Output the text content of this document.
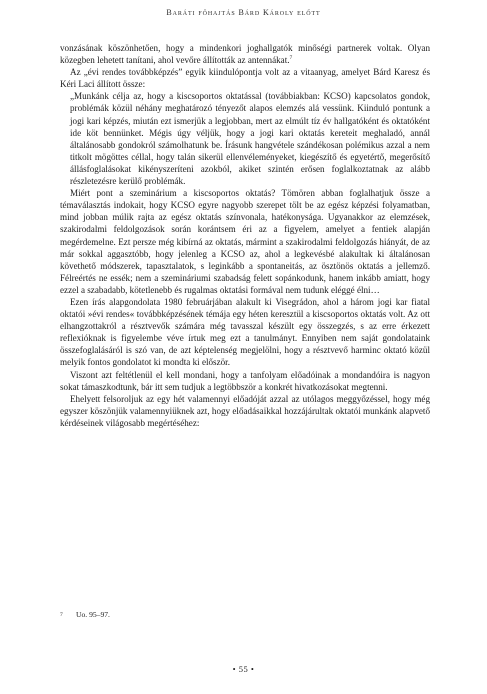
Baráti főhajtás Bárd Károly előtt

vonzásának köszönhetően, hogy a mindenkori joghallgatók minőségi partnerek voltak. Olyan közegben lehetett tanítani, ahol vevőre állították az antennákat.$^7$

Az „évi rendes továbbképzés” egyik kiindulópontja volt az a vitaanyag, amelyet Bárd Karesz és Kéri Laci állított össze:

„Munkánk célja az, hogy a kiscsoportos oktatással (továbbiakban: KCSO) kapcsolatos gondok, problémák közül néhány meghatározó tényezőt alapos elemzés alá vessünk. Kiinduló pontunk a jogi kari képzés, miután ezt ismerjük a legjobban, mert az elmúlt tíz év hallgatóként és oktatóként ide köt bennünket. Mégis úgy véljük, hogy a jogi kari oktatás kereteit meghaladó, annál általánosabb gondokról számolhatunk be. Írásunk hangvétele szándékosan polémikus azzal a nem titkolt mögöttes céllal, hogy talán sikerül ellenvéleményeket, kiegészítő és egyetértő, megerősítő állásfoglalásokat kikényszeríteni azokból, akiket szintén erősen foglalkoztatnak az alább részletezésre kerülő problémák.

Miért pont a szeminárium a kiscsoportos oktatás? Tömören abban foglalhatjuk össze a témaválasztás indokait, hogy KCSO egyre nagyobb szerepet tölt be az egész képzési folyamatban, mind jobban múlik rajta az egész oktatás színvonala, hatékonysága. Ugyanakkor az elemzések, szakirodalmi feldolgozások során korántsem éri az a figyelem, amelyet a fentiek alapján megérdemelne. Ezt persze még kibírná az oktatás, mármint a szakirodalmi feldolgozás hiányát, de az már sokkal aggasztóbb, hogy jelenleg a KCSO az, ahol a legkevésbé alakultak ki általánosan követhető módszerek, tapasztalatok, s leginkább a spontaneitás, az ösztönös oktatás a jellemző. Félreértés ne essék; nem a szemináriumi szabadság felett sopánkodunk, hanem inkább amiatt, hogy ezzel a szabadabb, kötetlenebb és rugalmas oktatási formával nem tudunk eléggé élni…

Ezen írás alapgondolata 1980 februárjában alakult ki Visegrádon, ahol a három jogi kar fiatal oktatói »évi rendes« továbbképzésének témája egy héten keresztül a kiscsoportos oktatás volt. Az ott elhangzottakról a résztvevők számára még tavasszal készült egy összegzés, s az erre érkezett reflexióknak is figyelembe véve írtuk meg ezt a tanulmányt. Ennyiben nem saját gondolataink összefoglalásáról is szó van, de azt képtelenség megjelölni, hogy a résztvevő harminc oktató közül melyik fontos gondolatot ki mondta ki először.

Viszont azt feltétlenül el kell mondani, hogy a tanfolyam előadóinak a mondandóira is nagyon sokat támaszkodtunk, bár itt sem tudjuk a legtöbbször a konkrét hivatkozásokat megtenni.

Ehelyett felsoroljuk az egy hét valamennyi előadóját azzal az utólagos meggyőzéssel, hogy még egyszer köszönjük valamennyiüknek azt, hogy előadásaikkal hozzájárultak oktatói munkánk alapvető kérdéseinek világosabb megértéséhez:

7 Uo. 95–97.
• 55 •
